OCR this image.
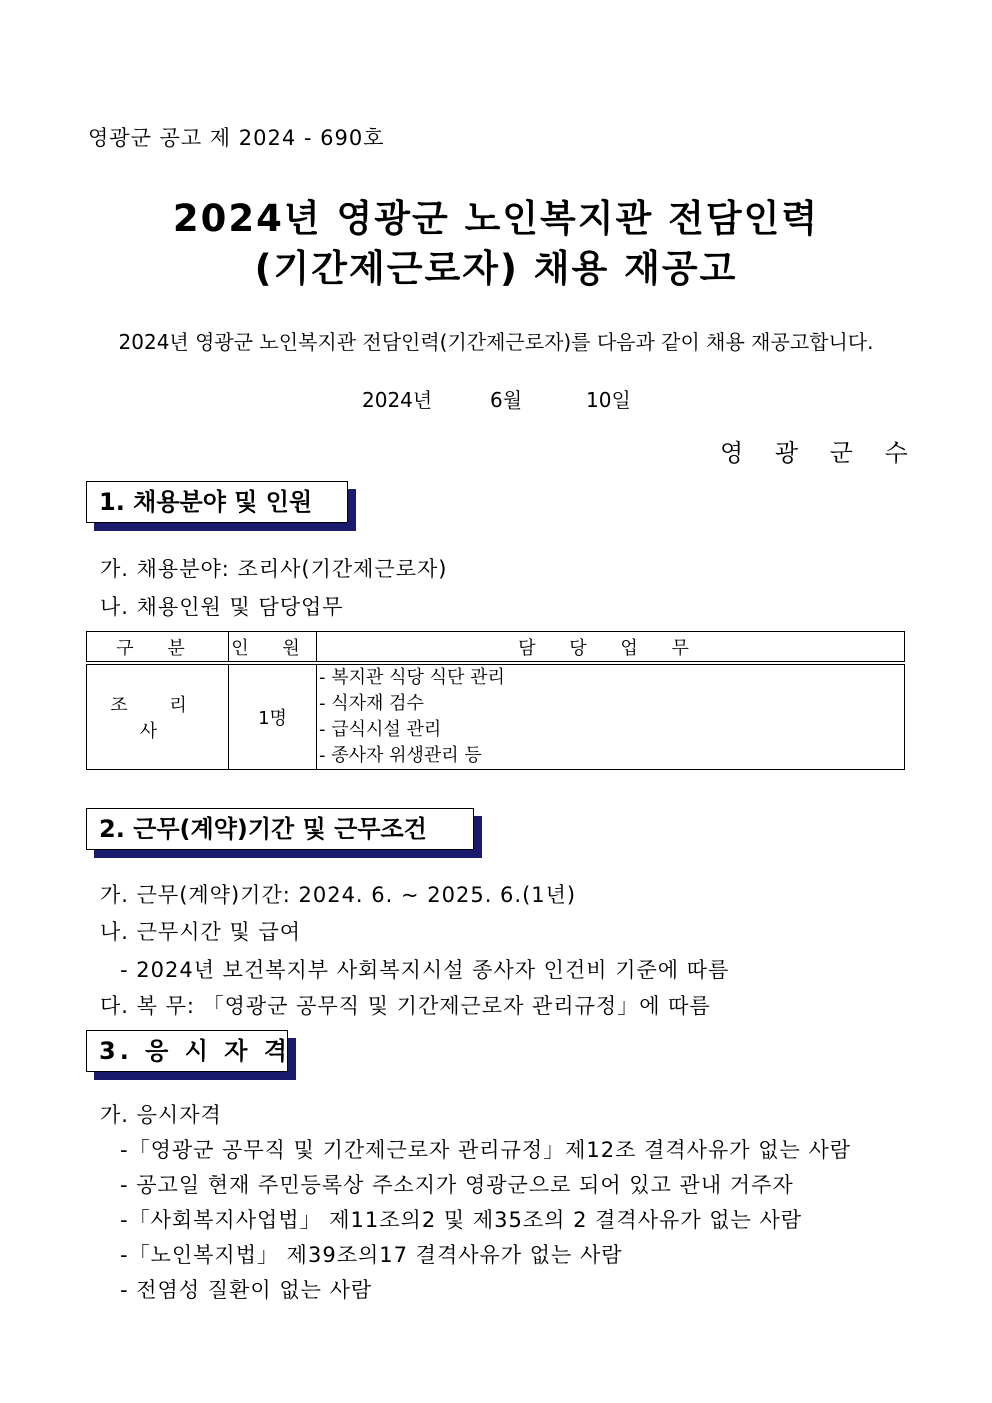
영광군 공고 제 2024 - 690호
2024년 영광군 노인복지관 전담인력
(기간제근로자) 채용 재공고
2024년 영광군 노인복지관 전담인력(기간제근로자)를 다음과 같이 채용 재공고합니다.
2024년	6월	10일
영 광 군 수
1. 채용분야 및 인원
가. 채용분야: 조리사(기간제근로자)
나. 채용인원 및 담당업무
구 분	인 원	담 당 업 무
조 리 사	1명	- 복지관 식당 식단 관리
- 식자재 검수
- 급식시설 관리
- 종사자 위생관리 등
2. 근무(계약)기간 및 근무조건
가. 근무(계약)기간: 2024. 6. ~ 2025. 6.(1년)
나. 근무시간 및 급여
- 2024년 보건복지부 사회복지시설 종사자 인건비 기준에 따름
다. 복 무: 「영광군 공무직 및 기간제근로자 관리규정」에 따름
3. 응 시 자 격
가. 응시자격
-「영광군 공무직 및 기간제근로자 관리규정」제12조 결격사유가 없는 사람
- 공고일 현재 주민등록상 주소지가 영광군으로 되어 있고 관내 거주자
-「사회복지사업법」 제11조의2 및 제35조의 2 결격사유가 없는 사람
-「노인복지법」 제39조의17 결격사유가 없는 사람
- 전염성 질환이 없는 사람
